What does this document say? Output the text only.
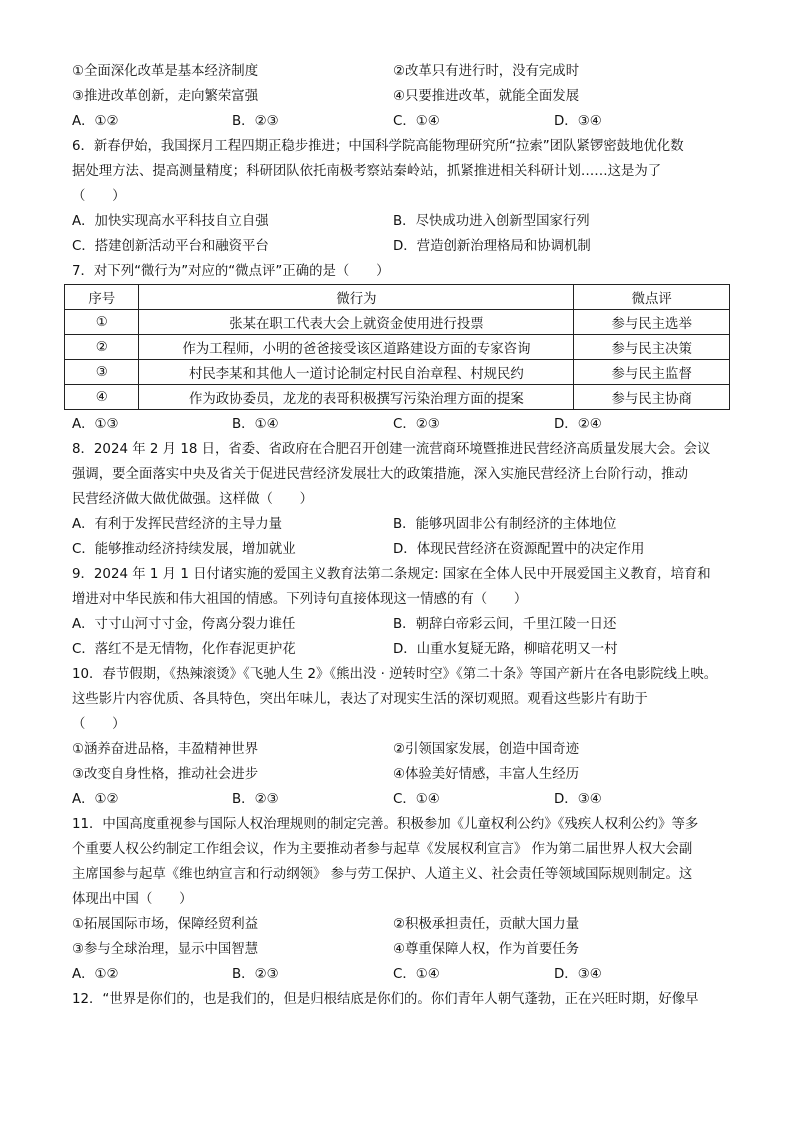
①全面深化改革是基本经济制度	②改革只有进行时，没有完成时
③推进改革创新，走向繁荣富强	④只要推进改革，就能全面发展
A．①②	B．②③	C．①④	D．③④
6．新春伊始，我国探月工程四期正稳步推进；中国科学院高能物理研究所“拉索”团队紧锣密鼓地优化数
据处理方法、提高测量精度；科研团队依托南极考察站秦岭站，抓紧推进相关科研计划……这是为了
（　　）
A．加快实现高水平科技自立自强	B．尽快成功进入创新型国家行列
C．搭建创新活动平台和融资平台	D．营造创新治理格局和协调机制
7．对下列“微行为”对应的“微点评”正确的是（　　）
序号	微行为	微点评
①	张某在职工代表大会上就资金使用进行投票	参与民主选举
②	作为工程师，小明的爸爸接受该区道路建设方面的专家咨询	参与民主决策
③	村民李某和其他人一道讨论制定村民自治章程、村规民约	参与民主监督
④	作为政协委员，龙龙的表哥积极撰写污染治理方面的提案	参与民主协商
A．①③	B．①④	C．②③	D．②④
8．2024 年 2 月 18 日，省委、省政府在合肥召开创建一流营商环境暨推进民营经济高质量发展大会。会议
强调，要全面落实中央及省关于促进民营经济发展壮大的政策措施，深入实施民营经济上台阶行动，推动
民营经济做大做优做强。这样做（　　）
A．有利于发挥民营经济的主导力量	B．能够巩固非公有制经济的主体地位
C．能够推动经济持续发展，增加就业	D．体现民营经济在资源配置中的决定作用
9．2024 年 1 月 1 日付诸实施的爱国主义教育法第二条规定: 国家在全体人民中开展爱国主义教育，培育和
增进对中华民族和伟大祖国的情感。下列诗句直接体现这一情感的有（　　）
A．寸寸山河寸寸金，侉离分裂力谁任	B．朝辞白帝彩云间，千里江陵一日还
C．落红不是无情物，化作春泥更护花	D．山重水复疑无路，柳暗花明又一村
10．春节假期，《热辣滚烫》《飞驰人生 2》《熊出没 · 逆转时空》《第二十条》等国产新片在各电影院线上映。
这些影片内容优质、各具特色，突出年味儿，表达了对现实生活的深切观照。观看这些影片有助于
（　　）
①涵养奋进品格，丰盈精神世界	②引领国家发展，创造中国奇迹
③改变自身性格，推动社会进步	④体验美好情感，丰富人生经历
A．①②	B．②③	C．①④	D．③④
11．中国高度重视参与国际人权治理规则的制定完善。积极参加《儿童权利公约》《残疾人权利公约》等多
个重要人权公约制定工作组会议，作为主要推动者参与起草《发展权利宣言》 作为第二届世界人权大会副
主席国参与起草《维也纳宣言和行动纲领》 参与劳工保护、人道主义、社会责任等领域国际规则制定。这
体现出中国（　　）
①拓展国际市场，保障经贸利益	②积极承担责任，贡献大国力量
③参与全球治理，显示中国智慧	④尊重保障人权，作为首要任务
A．①②	B．②③	C．①④	D．③④
12．“世界是你们的，也是我们的，但是归根结底是你们的。你们青年人朝气蓬勃，正在兴旺时期，好像早
